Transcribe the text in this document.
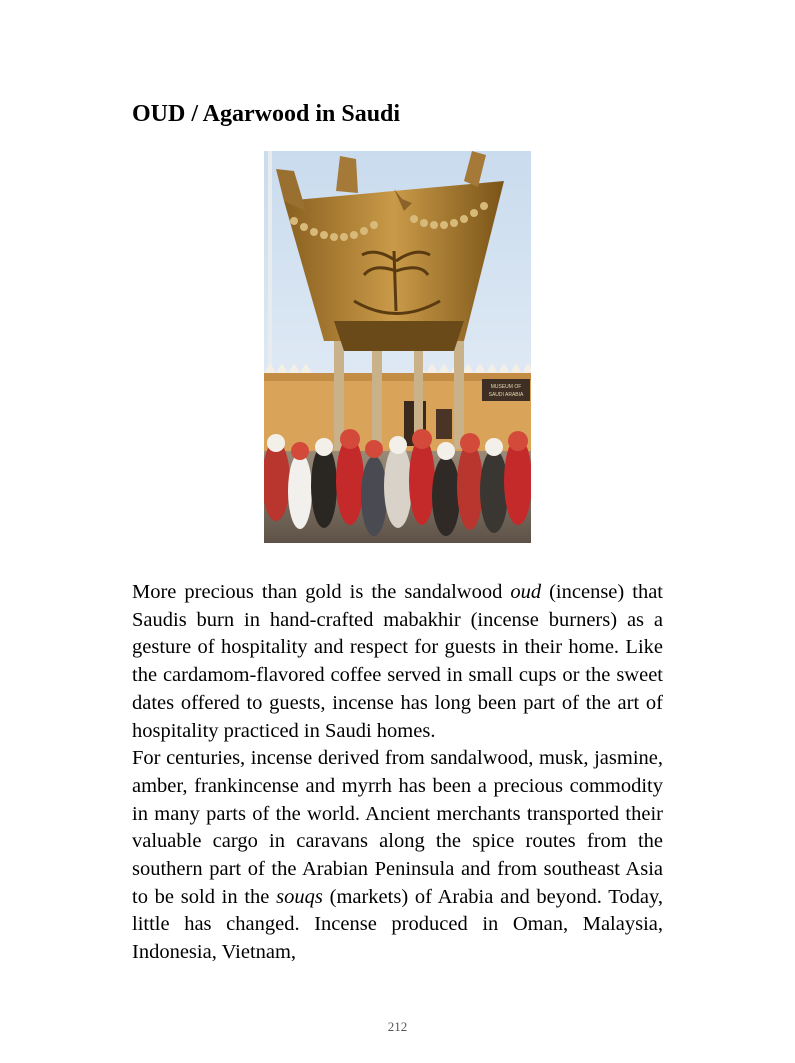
OUD / Agarwood in Saudi
MUSEUM OF
SAUDI ARABIA

More precious than gold is the sandalwood oud (incense) that Saudis burn in hand-crafted mabakhir (incense burners) as a gesture of hospitality and respect for guests in their home. Like the cardamom-flavored coffee served in small cups or the sweet dates offered to guests, incense has long been part of the art of hospitality practiced in Saudi homes.

For centuries, incense derived from sandalwood, musk, jasmine, amber, frankincense and myrrh has been a precious commodity in many parts of the world. Ancient merchants transported their valuable cargo in caravans along the spice routes from the southern part of the Arabian Peninsula and from southeast Asia to be sold in the souqs (markets) of Arabia and beyond. Today, little has changed. Incense produced in Oman, Malaysia, Indonesia, Vietnam,

212
